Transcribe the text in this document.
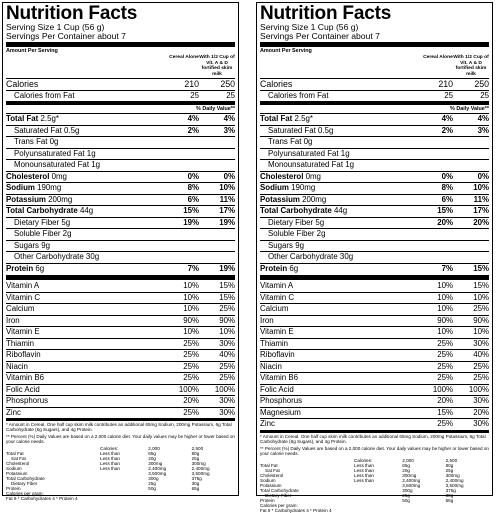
Nutrition Facts
Serving Size 1 Cup (56 g)
Servings Per Container about 7
Amount Per Serving
Cereal Alone With 1/2 Cup of Vit. A & D fortified skim milk
Calories	210	250
Calories from Fat	25	25
% Daily Value**
Total Fat 2.5g*	4%	4%
Saturated Fat 0.5g	2%	3%
Trans Fat 0g
Polyunsaturated Fat 1g
Monounsaturated Fat 1g
Cholesterol 0mg	0%	0%
Sodium 190mg	8%	10%
Potassium 200mg	6%	11%
Total Carbohydrate 44g	15%	17%
Dietary Fiber 5g	19%	19%
Soluble Fiber 2g
Sugars 9g
Other Carbohydrate 30g
Protein 6g	7%	19%
Vitamin A	10%	15%
Vitamin C	10%	15%
Calcium	10%	25%
Iron	90%	90%
Vitamin E	10%	10%
Thiamin	25%	30%
Riboflavin	25%	40%
Niacin	25%	25%
Vitamin B6	25%	25%
Folic Acid	100%	100%
Phosphorus	20%	30%
Zinc	25%	30%
* Amount in Cereal. One half cup skim milk contributes an additional 65mg Sodium, 200mg Potassium, 6g Total Carbohydrate (6g Sugars), and 4g Protein.
** Percent (%) Daily Values are based on a 2,000 calorie diet. Your daily values may be higher or lower based on your calorie needs.
	Calories:	2,000	2,500
Total Fat	Less than	65g	80g
Sat Fat	Less than	20g	25g
Cholesterol	Less than	300mg	300mg
Sodium	Less than	2,400mg	2,400mg
Potassium		3,500mg	3,500mg
Total Carbohydrate		300g	375g
Dietary Fiber		25g	30g
Protein		50g	65g
Calories per gram:
Fat 9 * Carbohydrates 4 * Protein 4
Nutrition Facts
Serving Size 1 Cup (56 g)
Servings Per Container about 7
Amount Per Serving
Cereal Alone With 1/2 Cup of Vit. A & D fortified skim milk
Calories	210	250
Calories from Fat	25	25
% Daily Value**
Total Fat 2.5g*	4%	4%
Saturated Fat 0.5g	2%	3%
Trans Fat 0g
Polyunsaturated Fat 1g
Monounsaturated Fat 1g
Cholesterol 0mg	0%	0%
Sodium 190mg	8%	10%
Potassium 200mg	6%	11%
Total Carbohydrate 44g	15%	17%
Dietary Fiber 5g	20%	20%
Soluble Fiber 2g
Sugars 9g
Other Carbohydrate 30g
Protein 6g	7%	15%
Vitamin A	10%	15%
Vitamin C	10%	10%
Calcium	10%	25%
Iron	90%	90%
Vitamin E	10%	10%
Thiamin	25%	30%
Riboflavin	25%	40%
Niacin	25%	25%
Vitamin B6	25%	25%
Folic Acid	100%	100%
Phosphorus	20%	30%
Magnesium	15%	20%
Zinc	25%	30%
* Amount in Cereal. One half cup skim milk contributes an additional 65mg Sodium, 200mg Potassium, 6g Total Carbohydrate (6g Sugars), and 4g Protein.
** Percent (%) Daily Values are based on a 2,000 calorie diet. Your daily values may be higher or lower based on your calorie needs.
	Calories:	2,000	2,500
Total Fat	Less than	65g	80g
Sat Fat	Less than	20g	25g
Cholesterol	Less than	300mg	300mg
Sodium	Less than	2,400mg	2,400mg
Potassium		3,500mg	3,500mg
Total Carbohydrate		300g	375g
Dietary Fiber		25g	30g
Protein		50g	65g
Calories per gram:
Fat 9 * Carbohydrates 4 * Protein 4
